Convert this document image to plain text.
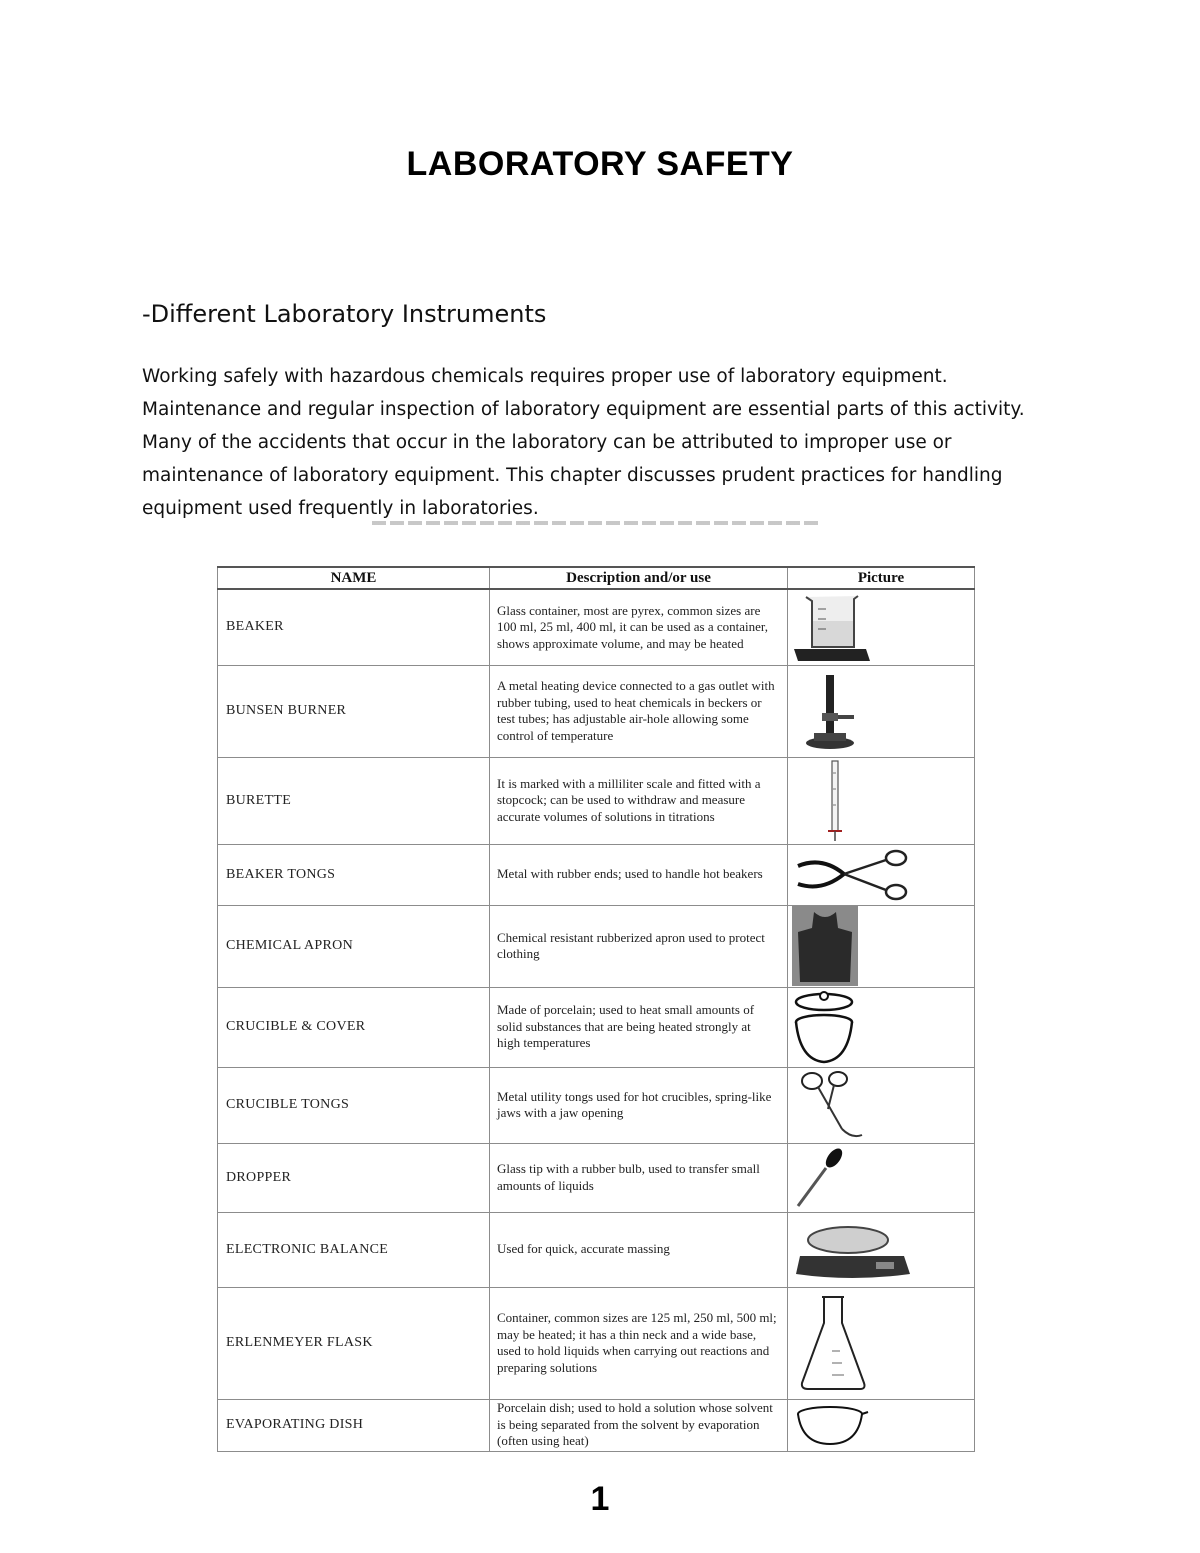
LABORATORY SAFETY
-Different Laboratory Instruments
Working safely with hazardous chemicals requires proper use of laboratory equipment.
Maintenance and regular inspection of laboratory equipment are essential parts of this activity.
Many of the accidents that occur in the laboratory can be attributed to improper use or
maintenance of laboratory equipment. This chapter discusses prudent practices for handling
equipment used frequently in laboratories.
NAME	Description and/or use	Picture
BEAKER	Glass container, most are pyrex, common sizes are 100 ml, 25 ml, 400 ml, it can be used as a container, shows approximate volume, and may be heated	

BUNSEN BURNER	A metal heating device connected to a gas outlet with rubber tubing, used to heat chemicals in beckers or test tubes; has adjustable air-hole allowing some control of temperature	

BURETTE	It is marked with a milliliter scale and fitted with a stopcock; can be used to withdraw and measure accurate volumes of solutions in titrations	

BEAKER TONGS	Metal with rubber ends; used to handle hot beakers	

CHEMICAL APRON	Chemical resistant rubberized apron used to protect clothing	

CRUCIBLE & COVER	Made of porcelain; used to heat small amounts of solid substances that are being heated strongly at high temperatures	

CRUCIBLE TONGS	Metal utility tongs used for hot crucibles, spring-like jaws with a jaw opening	

DROPPER	Glass tip with a rubber bulb, used to transfer small amounts of liquids	

ELECTRONIC BALANCE	Used for quick, accurate massing	

ERLENMEYER FLASK	Container, common sizes are 125 ml, 250 ml, 500 ml; may be heated; it has a thin neck and a wide base, used to hold liquids when carrying out reactions and preparing solutions	

EVAPORATING DISH	Porcelain dish; used to hold a solution whose solvent is being separated from the solvent by evaporation (often using heat)	
1
